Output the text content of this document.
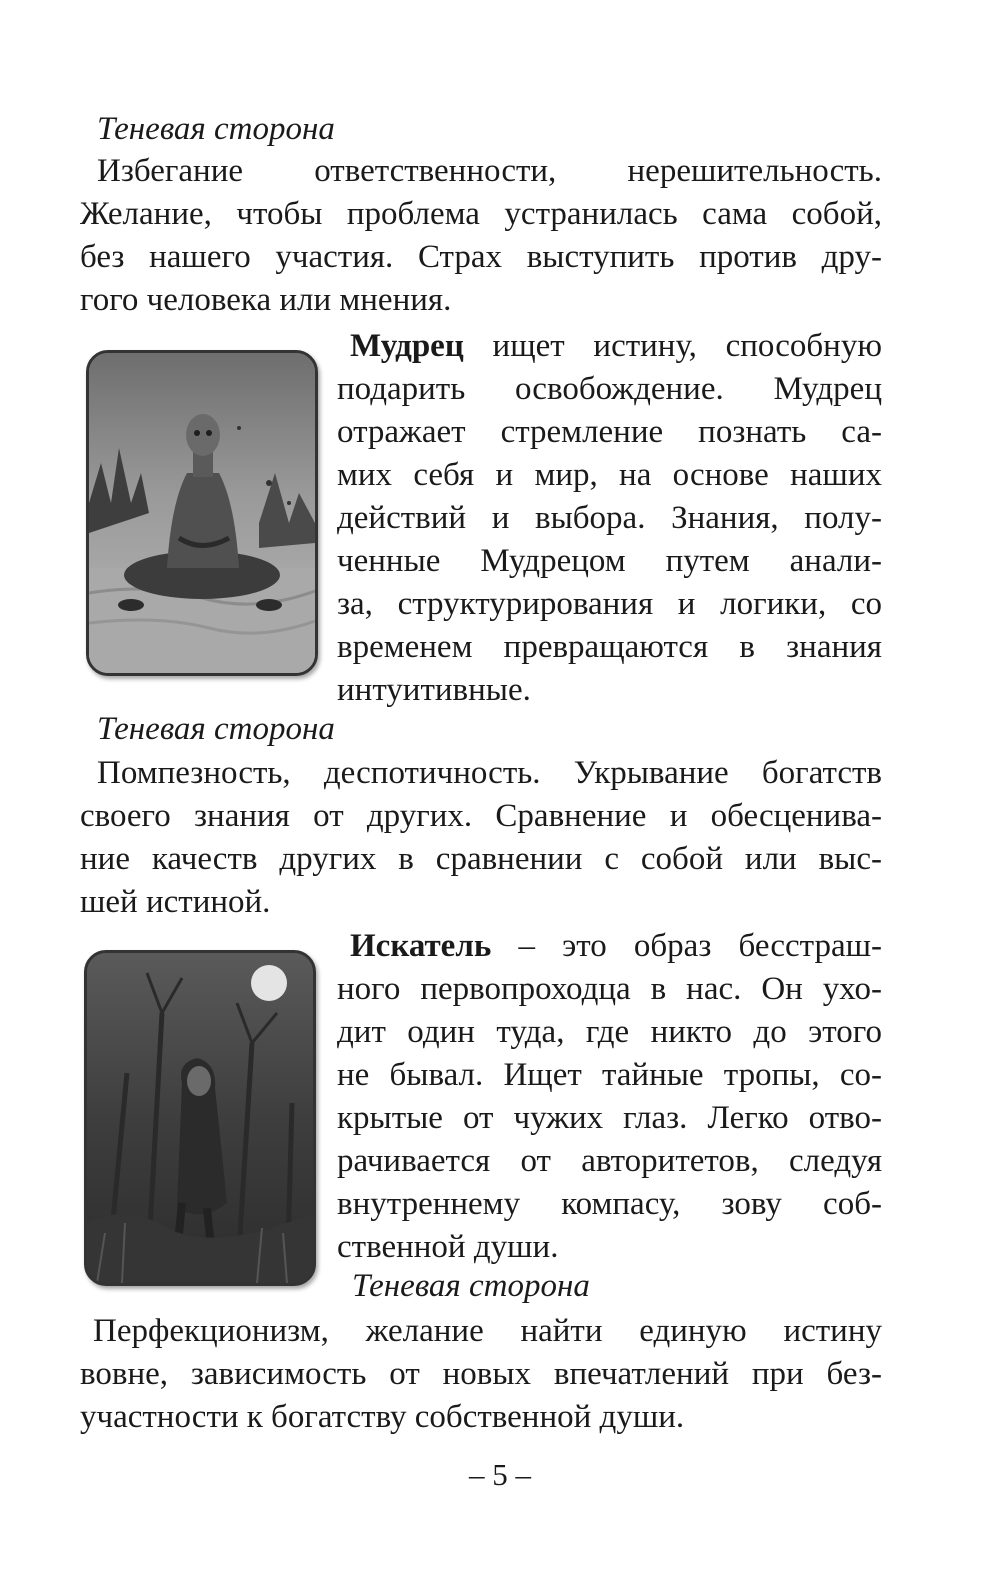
Теневая сторона

Избегание ответственности, нерешительность.

Желание, чтобы проблема устранилась сама собой,

без нашего участия. Страх выступить против дру-

гого человека или мнения.

Мудрец ищет истину, способную

подарить освобождение. Мудрец

отражает стремление познать са-

мих себя и мир, на основе наших

действий и выбора. Знания, полу-

ченные Мудрецом путем анали-

за, структурирования и логики, со

временем превращаются в знания

интуитивные.

Теневая сторона

Помпезность, деспотичность. Укрывание богатств

своего знания от других. Сравнение и обесценива-

ние качеств других в сравнении с собой или выс-

шей истиной.

Искатель – это образ бесстраш-

ного первопроходца в нас. Он ухо-

дит один туда, где никто до этого

не бывал. Ищет тайные тропы, со-

крытые от чужих глаз. Легко отво-

рачивается от авторитетов, следуя

внутреннему компасу, зову соб-

ственной души.

Теневая сторона

Перфекционизм, желание найти единую истину

вовне, зависимость от новых впечатлений при без-

участности к богатству собственной души.

– 5 –
